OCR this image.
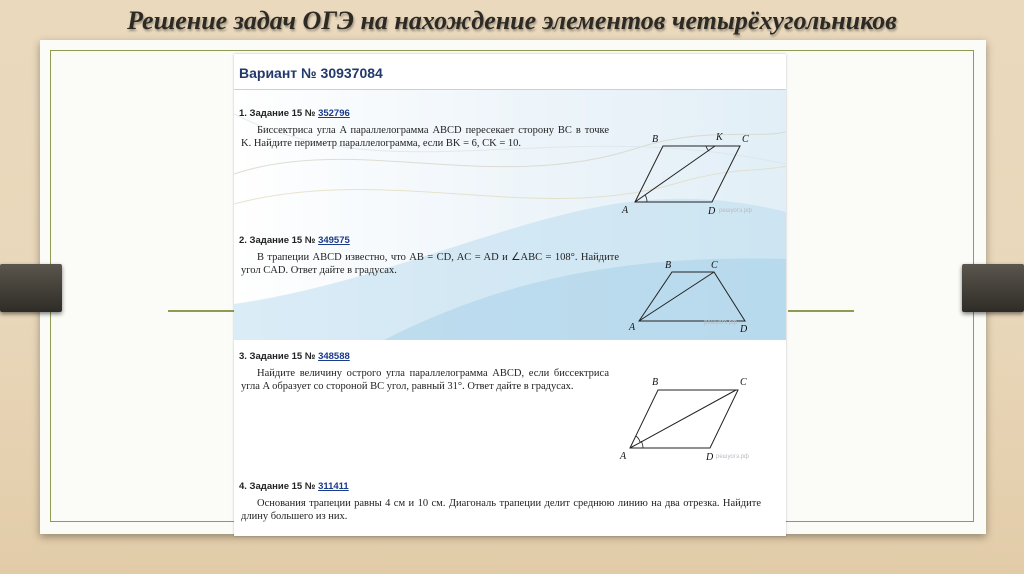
Решение задач ОГЭ на нахождение элементов четырёхугольников
Вариант № 30937084
1. Задание 15 № 352796
Биссектриса угла A параллелограмма ABCD пересекает сторону BC в точке K. Найдите периметр параллелограмма, если BK = 6, CK = 10.	B	K C
A	D решуогэ.рф
2. Задание 15 № 349575
В трапеции ABCD известно, что AB = CD, AC = AD и ∠ABC = 108°. Найдите угол CAD. Ответ дайте в градусах.	B	C
A	D
решуогэ.рф
3. Задание 15 № 348588
Найдите величину острого угла параллелограмма ABCD, если биссектриса угла A образует со стороной BC угол, равный 31°. Ответ дайте в градусах.	B	C
A	D решуогэ.рф
4. Задание 15 № 311411
Основания трапеции равны 4 см и 10 см. Диагональ трапеции делит среднюю линию на два отрезка. Найдите длину большего из них.
